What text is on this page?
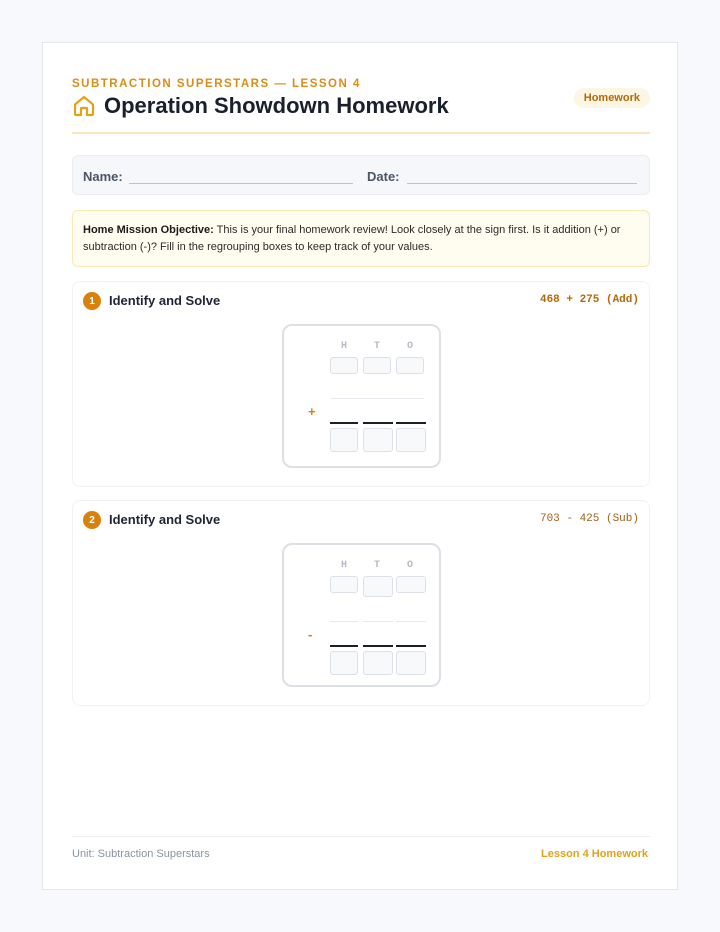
SUBTRACTION SUPERSTARS — LESSON 4
Operation Showdown Homework	Homework
Name:	Date:
Home Mission Objective: This is your final homework review! Look closely at the sign first. Is it addition (+) or subtraction (-)? Fill in the regrouping boxes to keep track of your values.
1	Identify and Solve	468 + 275 (Add)
H	T	O
+
2	Identify and Solve	703 - 425 (Sub)
H	T	O
-
Unit: Subtraction Superstars	Lesson 4 Homework
